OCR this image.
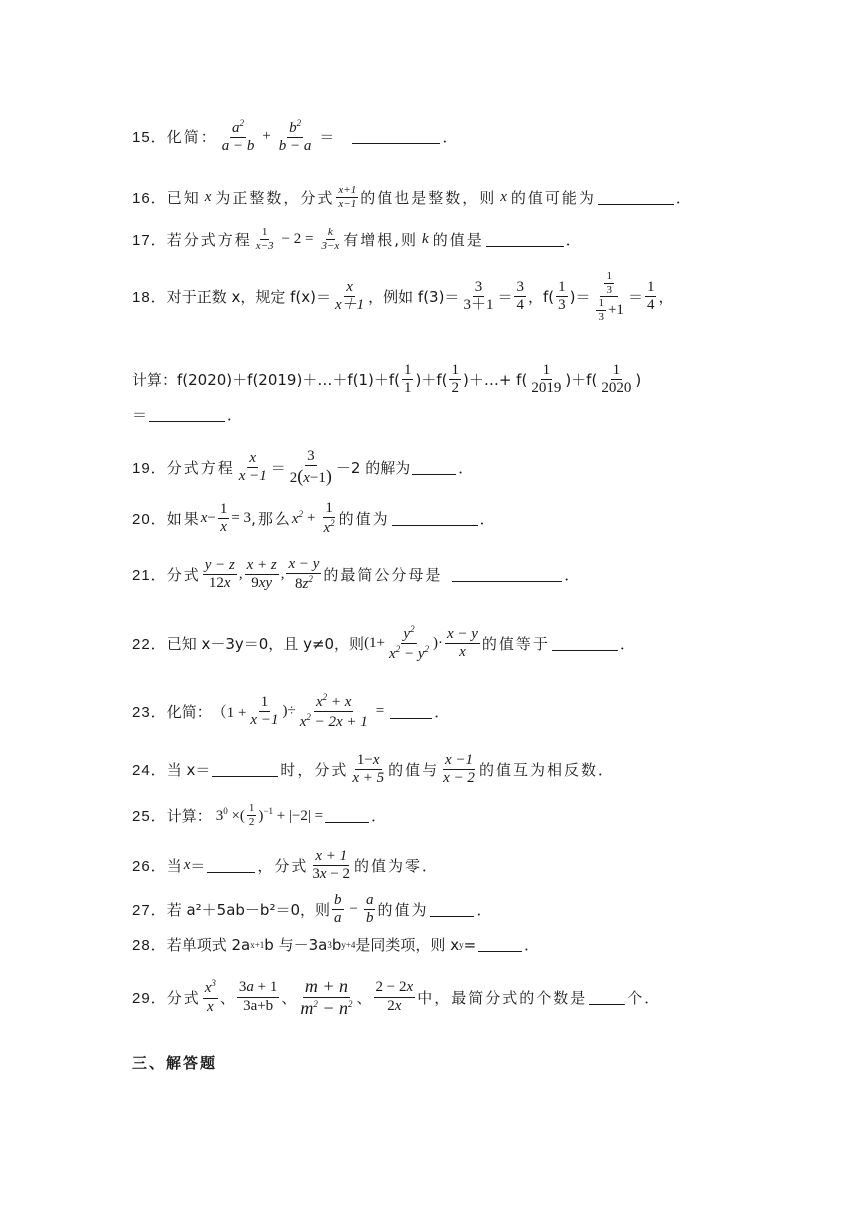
15． 化简：
$a^2$
a − b
+ $\frac{b^2}{b - a}$ ＝	．
16． 已知 x 为正整数，分式 x+1
x−1 的值也是整数，则 x 的值可能为	．
17． 若分式方程 1
$x-3 - 2 = \frac{k}{3-x}$ 有增根,则 k 的值是	．
18． 对于正数 x，规定 f(x)＝
x
x＋1 ，例如 f(3)＝
3
3＋1 ＝
3
4 ，f(
1
3 )＝
$\frac{1}{3}$
$\frac{1}{3} +1$
＝
1
4 ，
计算：f(2020)＋f(2019)＋…＋f(1)＋f(
1
1 )＋f(
1
2 )＋…+ f(
1
2019 )＋f(
1
2020 )
＝	．
19． 分式方程
x
x −1 ＝
3
2(x−1) －2 的解为	．
20． 如果 $x - \frac{1}{x} = 3$ ,那么 $x^2 + \frac{1}{x^2}$ 的值为	．
21． 分式
y − z
12x
,
x + z
9xy
,
x − y
$8z^2$ 的最简公分母是	．
22． 已知 x－3y＝0，且 y≠0，则 ($1+ \frac{y^2}{x^2 - y^2}$ )·
x − y
x 的值等于	．
23． 化简： （$1 + \frac{1}{x -1}$ )÷ $\frac{x^2 + x}{x^2 - 2x + 1}$ =	．
24． 当 x＝	时，分式
1−x
x + 5 的值与
x −1
x − 2 的值互为相反数．
25． 计算： $3^0$ ×( 1
2 )$^{-1}$ + |−2| =	．
26． 当 x ＝	，分式
x + 1
3x − 2 的值为零．
27． 若 a²＋5ab－b²＝0，则
b
a
− $\frac{a}{b}$ 的值为	．
28． 若单项式 2a x+1 b 与－3a 3 b y+4 是同类项，则 x y =	．
29． 分式
$x^3$
x 、
3a + 1
3a+b 、
m + n
$m^2 - n^2$ 、
2 − 2x
2x 中，最简分式的个数是	个．
三、解答题
